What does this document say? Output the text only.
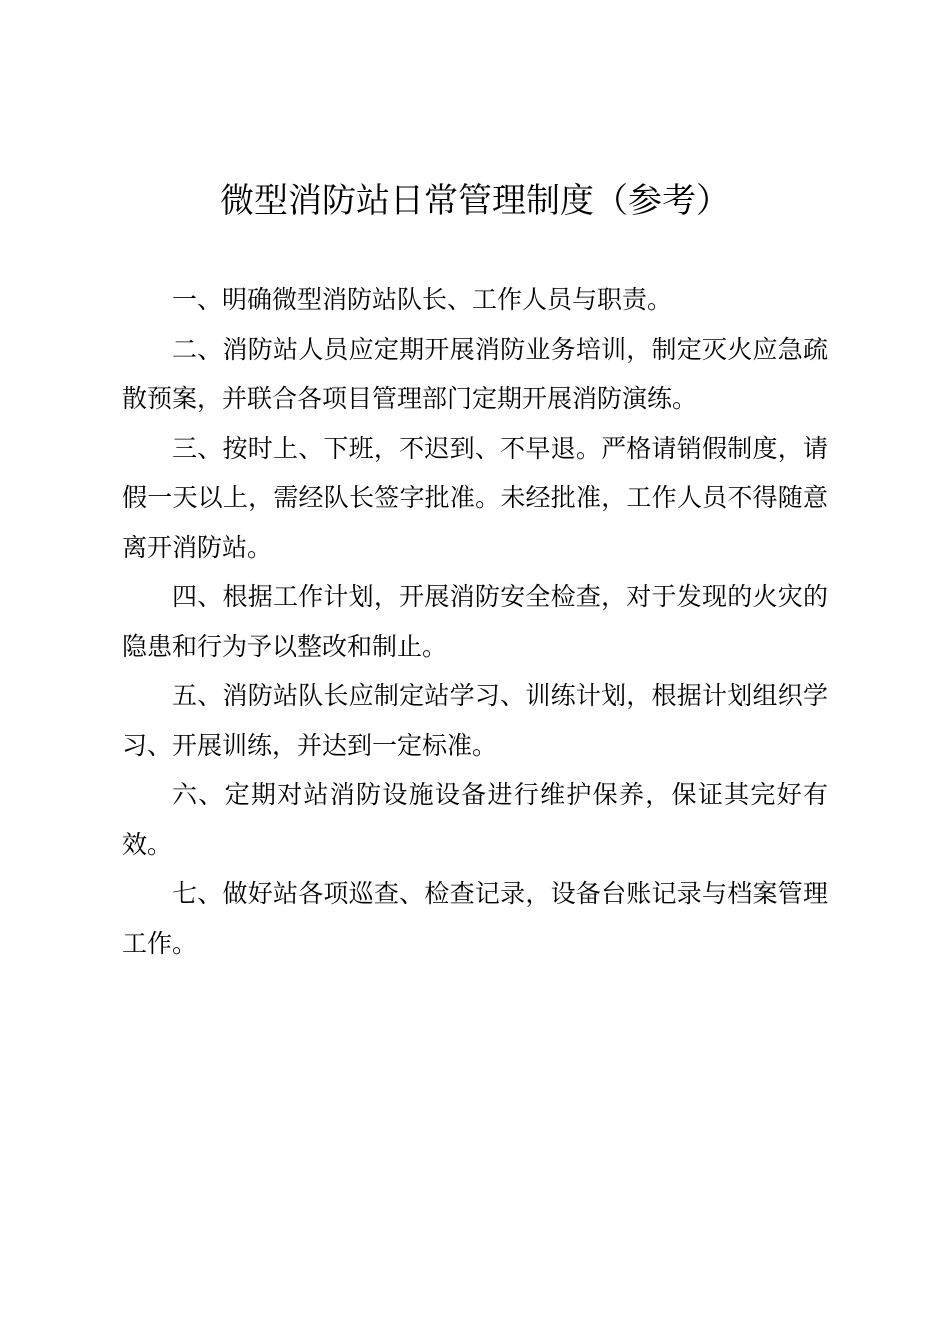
微型消防站日常管理制度（参考）

一、明确微型消防站队长、工作人员与职责。

二、消防站人员应定期开展消防业务培训，制定灭火应急疏散预案，并联合各项目管理部门定期开展消防演练。

三、按时上、下班，不迟到、不早退。严格请销假制度，请假一天以上，需经队长签字批准。未经批准，工作人员不得随意离开消防站。

四、根据工作计划，开展消防安全检查，对于发现的火灾的隐患和行为予以整改和制止。

五、消防站队长应制定站学习、训练计划，根据计划组织学习、开展训练，并达到一定标准。

六、定期对站消防设施设备进行维护保养，保证其完好有效。

七、做好站各项巡查、检查记录，设备台账记录与档案管理工作。
